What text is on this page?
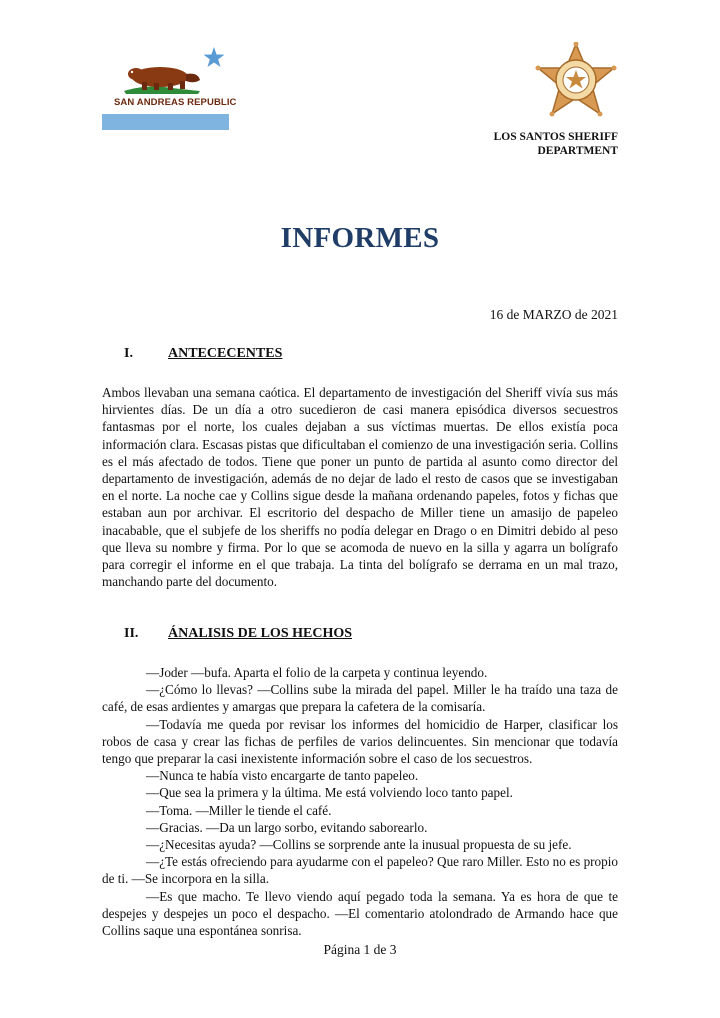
SAN ANDREAS REPUBLIC
LOS SANTOS SHERIFF
DEPARTMENT
INFORMES
16 de MARZO de 2021
I.	ANTECECENTES
Ambos llevaban una semana caótica. El departamento de investigación del Sheriff vivía sus más hirvientes días. De un día a otro sucedieron de casi manera episódica diversos secuestros fantasmas por el norte, los cuales dejaban a sus víctimas muertas. De ellos existía poca información clara. Escasas pistas que dificultaban el comienzo de una investigación seria. Collins es el más afectado de todos. Tiene que poner un punto de partida al asunto como director del departamento de investigación, además de no dejar de lado el resto de casos que se investigaban en el norte. La noche cae y Collins sigue desde la mañana ordenando papeles, fotos y fichas que estaban aun por archivar. El escritorio del despacho de Miller tiene un amasijo de papeleo inacabable, que el subjefe de los sheriffs no podía delegar en Drago o en Dimitri debido al peso que lleva su nombre y firma. Por lo que se acomoda de nuevo en la silla y agarra un bolígrafo para corregir el informe en el que trabaja. La tinta del bolígrafo se derrama en un mal trazo, manchando parte del documento.
II. ÁNALISIS DE LOS HECHOS

—Joder —bufa. Aparta el folio de la carpeta y continua leyendo.

—¿Cómo lo llevas? —Collins sube la mirada del papel. Miller le ha traído una taza de café, de esas ardientes y amargas que prepara la cafetera de la comisaría.

—Todavía me queda por revisar los informes del homicidio de Harper, clasificar los robos de casa y crear las fichas de perfiles de varios delincuentes. Sin mencionar que todavía tengo que preparar la casi inexistente información sobre el caso de los secuestros.

—Nunca te había visto encargarte de tanto papeleo.

—Que sea la primera y la última. Me está volviendo loco tanto papel.

—Toma. —Miller le tiende el café.

—Gracias. —Da un largo sorbo, evitando saborearlo.

—¿Necesitas ayuda? —Collins se sorprende ante la inusual propuesta de su jefe.

—¿Te estás ofreciendo para ayudarme con el papeleo? Que raro Miller. Esto no es propio de ti. —Se incorpora en la silla.

—Es que macho. Te llevo viendo aquí pegado toda la semana. Ya es hora de que te despejes y despejes un poco el despacho. —El comentario atolondrado de Armando hace que Collins saque una espontánea sonrisa.

Página 1 de 3
